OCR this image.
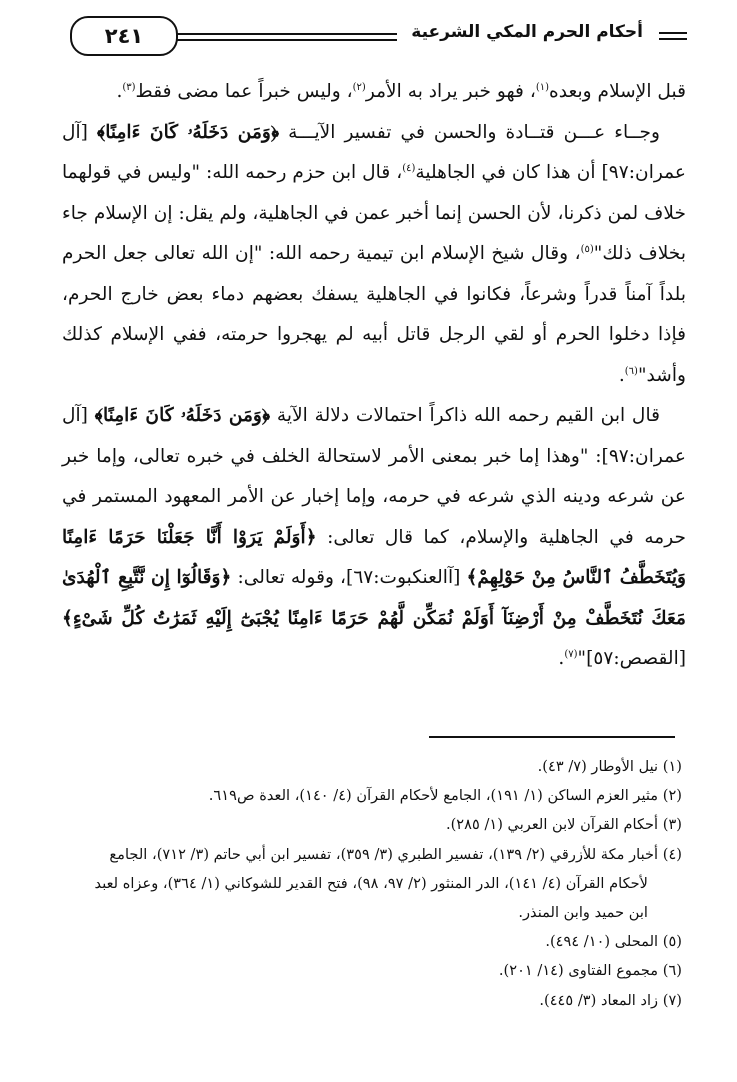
أحكام الحرم المكي الشرعية
٢٤١

قبل الإسلام وبعده$^{(١)}$، فهو خبر يراد به الأمر$^{(٢)}$، وليس خبراً عما مضى فقط$^{(٣)}$.

وجــاء عـــن قتــادة والحسن في تفسير الآيـــة ﴿وَمَن دَخَلَهُۥ كَانَ ءَامِنًا﴾ [آل عمران:٩٧] أن هذا كان في الجاهلية$^{(٤)}$، قال ابن حزم رحمه الله: "وليس في قولهما خلاف لمن ذكرنا، لأن الحسن إنما أخبر عمن في الجاهلية، ولم يقل: إن الإسلام جاء بخلاف ذلك"$^{(٥)}$، وقال شيخ الإسلام ابن تيمية رحمه الله: "إن الله تعالى جعل الحرم بلداً آمناً قدراً وشرعاً، فكانوا في الجاهلية يسفك بعضهم دماء بعض خارج الحرم، فإذا دخلوا الحرم أو لقي الرجل قاتل أبيه لم يهجروا حرمته، ففي الإسلام كذلك وأشد"$^{(٦)}$.

قال ابن القيم رحمه الله ذاكراً احتمالات دلالة الآية ﴿وَمَن دَخَلَهُۥ كَانَ ءَامِنًا﴾ [آل عمران:٩٧]: "وهذا إما خبر بمعنى الأمر لاستحالة الخلف في خبره تعالى، وإما خبر عن شرعه ودينه الذي شرعه في حرمه، وإما إخبار عن الأمر المعهود المستمر في حرمه في الجاهلية والإسلام، كما قال تعالى: ﴿أَوَلَمْ يَرَوْا أَنَّا جَعَلْنَا حَرَمًا ءَامِنًا وَيُتَخَطَّفُ ٱلنَّاسُ مِنْ حَوْلِهِمْ﴾ [آالعنكبوت:٦٧]، وقوله تعالى: ﴿وَقَالُوٓا إِن نَّتَّبِعِ ٱلْهُدَىٰ مَعَكَ نُتَخَطَّفْ مِنْ أَرْضِنَآ أَوَلَمْ نُمَكِّن لَّهُمْ حَرَمًا ءَامِنًا يُجْبَىٰٓ إِلَيْهِ ثَمَرَٰتُ كُلِّ شَىْءٍ﴾ [القصص:٥٧]"$^{(٧)}$.

(١) نيل الأوطار (٧/ ٤٣).

(٢) مثير العزم الساكن (١/ ١٩١)، الجامع لأحكام القرآن (٤/ ١٤٠)، العدة ص٦١٩.

(٣) أحكام القرآن لابن العربي (١/ ٢٨٥).

(٤) أخبار مكة للأزرقي (٢/ ١٣٩)، تفسير الطبري (٣/ ٣٥٩)، تفسير ابن أبي حاتم (٣/ ٧١٢)، الجامع

لأحكام القرآن (٤/ ١٤١)، الدر المنثور (٢/ ٩٧، ٩٨)، فتح القدير للشوكاني (١/ ٣٦٤)، وعزاه لعبد

ابن حميد وابن المنذر.

(٥) المحلى (١٠/ ٤٩٤).

(٦) مجموع الفتاوى (١٤/ ٢٠١).

(٧) زاد المعاد (٣/ ٤٤٥).
